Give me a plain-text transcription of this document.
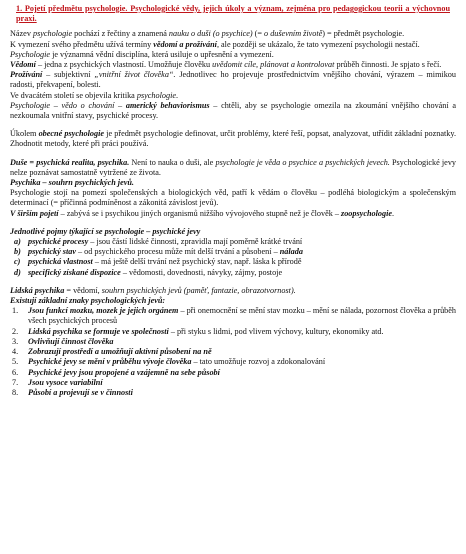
1. Pojetí předmětu psychologie. Psychologické vědy, jejich úkoly a význam, zejména pro pedagogickou teorii a výchovnou praxi.

Název psychologie pochází z řečtiny a znamená nauku o duši (o psychice) (= o duševním životě) = předmět psychologie.

K vymezení svého předmětu užívá termíny vědomí a prožívání, ale později se ukázalo, že tato vymezení psychologii nestačí.

Psychologie je významná vědní disciplína, která usiluje o upřesnění a vymezení.

Vědomí – jedna z psychických vlastností. Umožňuje člověku uvědomit cíle, plánovat a kontrolovat průběh činnosti. Je spjato s řečí.

Prožívání – subjektivní „vnitřní život člověka“. Jednotlivec ho projevuje prostřednictvím vnějšího chování, výrazem – mimikou radosti, překvapení, bolesti.

Ve dvacátém století se objevila kritika psychologie.

Psychologie – vědo o chování – americký behaviorismus – chtěli, aby se psychologie omezila na zkoumání vnějšího chování a nezkoumala vnitřní stavy, psychické procesy.

Úkolem obecné psychologie je předmět psychologie definovat, určit problémy, které řeší, popsat, analyzovat, utřídit základní poznatky. Zhodnotit metody, které při práci používá.

Duše = psychická realita, psychika. Není to nauka o duši, ale psychologie je věda o psychice a psychických jevech. Psychologické jevy nelze poznávat samostatně vytržené ze života.

Psychika – souhrn psychických jevů.

Psychologie stojí na pomezí společenských a biologických věd, patří k vědám o člověku – podléhá biologickým a společenským determinací (= příčinná podmíněnost a zákonitá závislost jevů).

V širším pojetí – zabývá se i psychikou jiných organismů nižšího vývojového stupně než je člověk – zoopsychologie.

Jednotlivé pojmy týkající se psychologie – psychické jevy

a) psychické procesy – jsou částí lidské činnosti, zpravidla mají poměrně krátké trvání
b) psychický stav – od psychického procesu může mít delší trvání a působení – nálada
c) psychická vlastnost – má ještě delší trvání než psychický stav, např. láska k přírodě
d) specifický získané dispozice – vědomosti, dovednosti, návyky, zájmy, postoje

Lidská psychika = vědomí, souhrn psychických jevů (paměť, fantazie, obrazotvornost).

Existují základní znaky psychologických jevů:

1. Jsou funkcí mozku, mozek je jejich orgánem – při onemocnění se mění stav mozku – mění se nálada, pozornost člověka a průběh všech psychických procesů
2. Lidská psychika se formuje ve společnosti – při styku s lidmi, pod vlivem výchovy, kultury, ekonomiky atd.
3. Ovlivňují činnost člověka
4. Zobrazují prostředí a umožňují aktivní působení na ně
5. Psychické jevy se mění v průběhu vývoje člověka – tato umožňuje rozvoj a zdokonalování
6. Psychické jevy jsou propojené a vzájemně na sebe působí
7. Jsou vysoce variabilní
8. Působí a projevují se v činnosti
